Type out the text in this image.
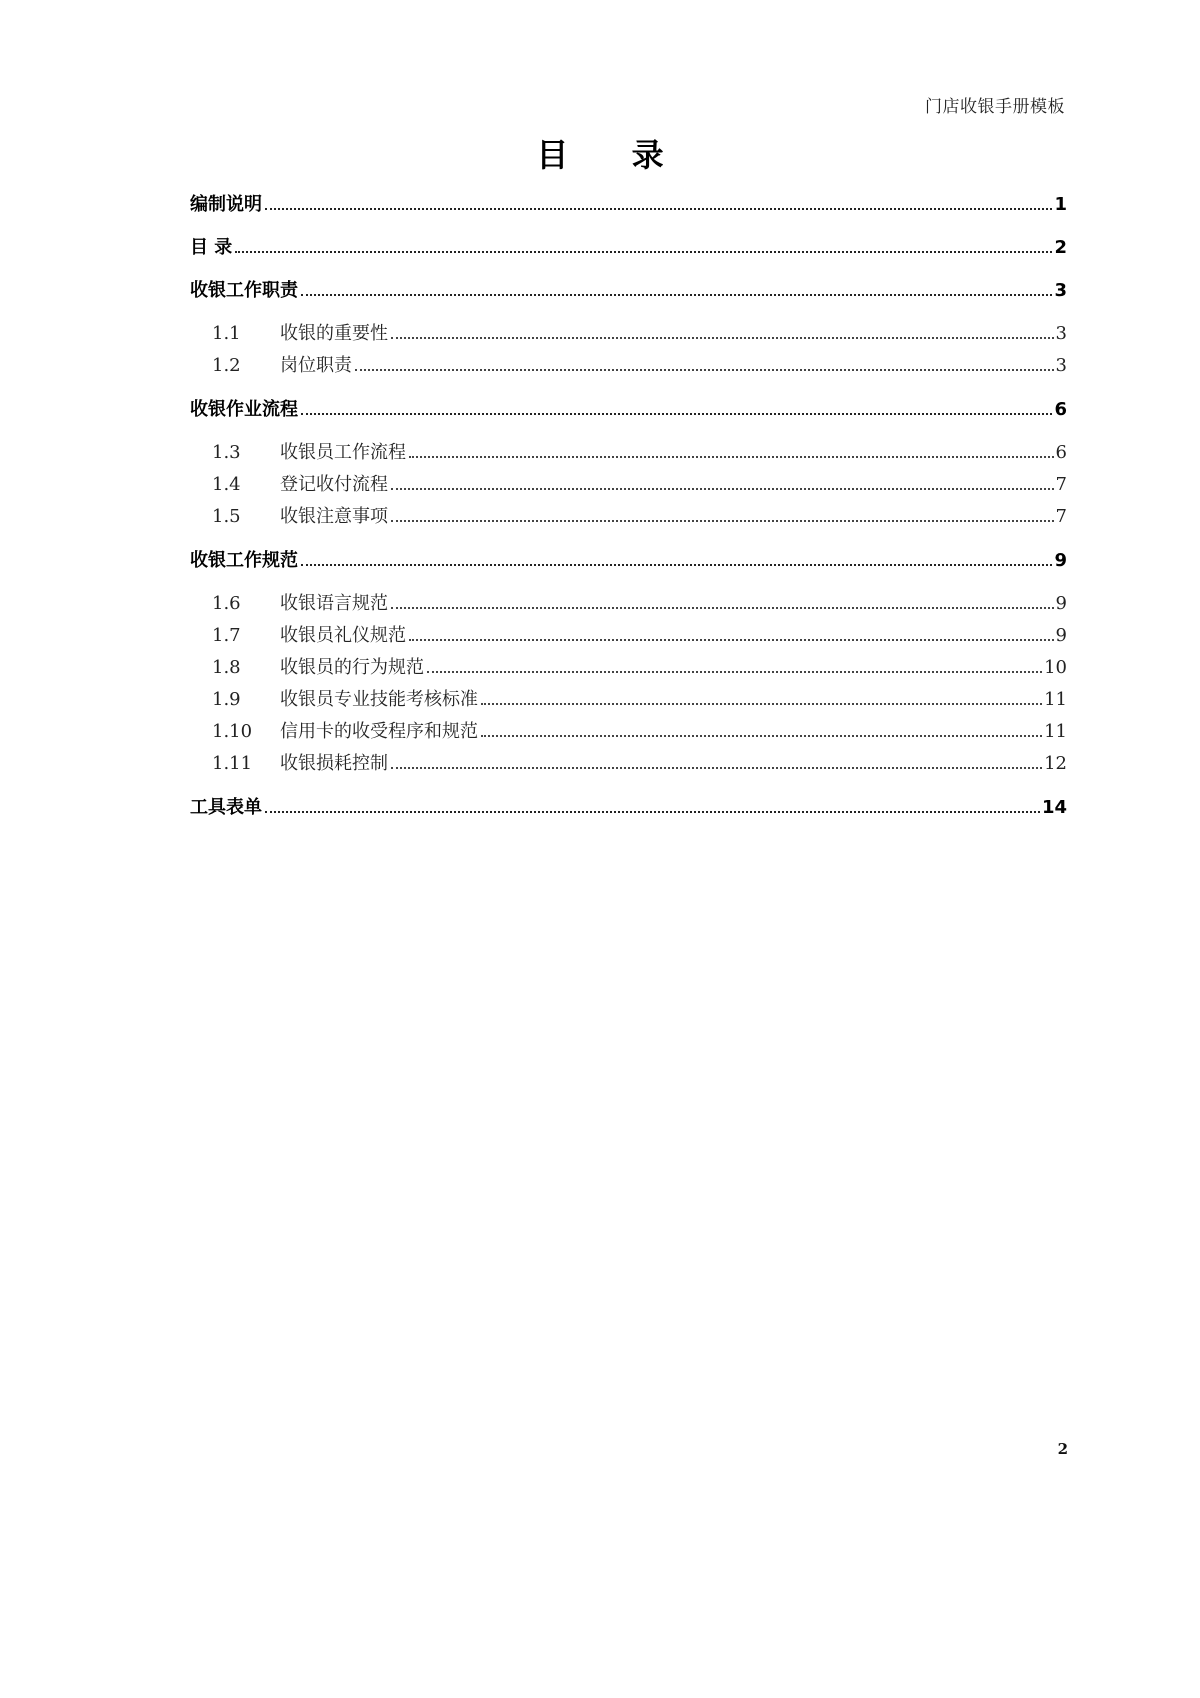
门店收银手册模板
目 录
编制说明	1
目 录	2
收银工作职责	3
1.1 收银的重要性	3
1.2 岗位职责	3
收银作业流程	6
1.3 收银员工作流程	6
1.4 登记收付流程	7
1.5 收银注意事项	7
收银工作规范	9
1.6 收银语言规范	9
1.7 收银员礼仪规范	9
1.8 收银员的行为规范	10
1.9 收银员专业技能考核标准	11
1.10 信用卡的收受程序和规范	11
1.11 收银损耗控制	12
工具表单	14
2
